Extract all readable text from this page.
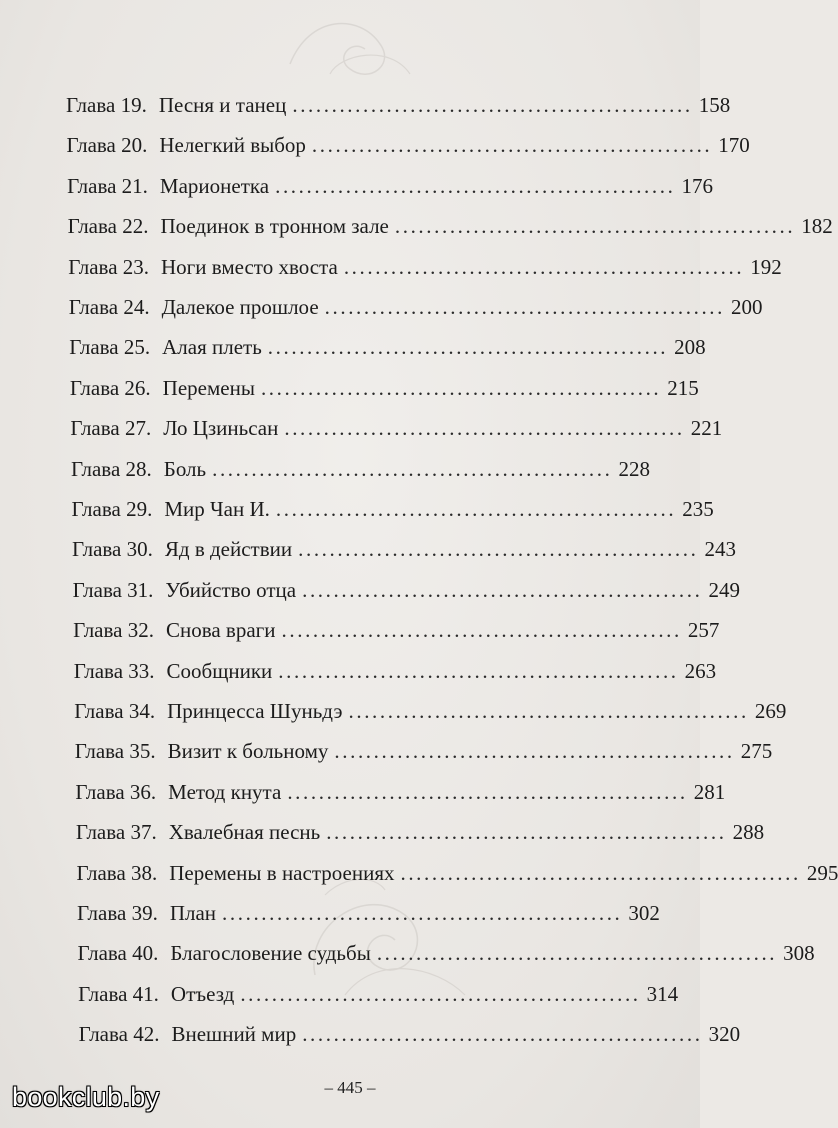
Глава 19. Песня и танец ................................................... 158
Глава 20. Нелегкий выбор ................................................... 170
Глава 21. Марионетка ................................................... 176
Глава 22. Поединок в тронном зале ................................................... 182
Глава 23. Ноги вместо хвоста ................................................... 192
Глава 24. Далекое прошлое ................................................... 200
Глава 25. Алая плеть ................................................... 208
Глава 26. Перемены ................................................... 215
Глава 27. Ло Цзиньсан ................................................... 221
Глава 28. Боль ................................................... 228
Глава 29. Мир Чан И. ................................................... 235
Глава 30. Яд в действии ................................................... 243
Глава 31. Убийство отца ................................................... 249
Глава 32. Снова враги ................................................... 257
Глава 33. Сообщники ................................................... 263
Глава 34. Принцесса Шуньдэ ................................................... 269
Глава 35. Визит к больному ................................................... 275
Глава 36. Метод кнута ................................................... 281
Глава 37. Хвалебная песнь ................................................... 288
Глава 38. Перемены в настроениях ................................................... 295
Глава 39. План ................................................... 302
Глава 40. Благословение судьбы ................................................... 308
Глава 41. Отъезд ................................................... 314
Глава 42. Внешний мир ................................................... 320
– 445 –
bookclub.by
